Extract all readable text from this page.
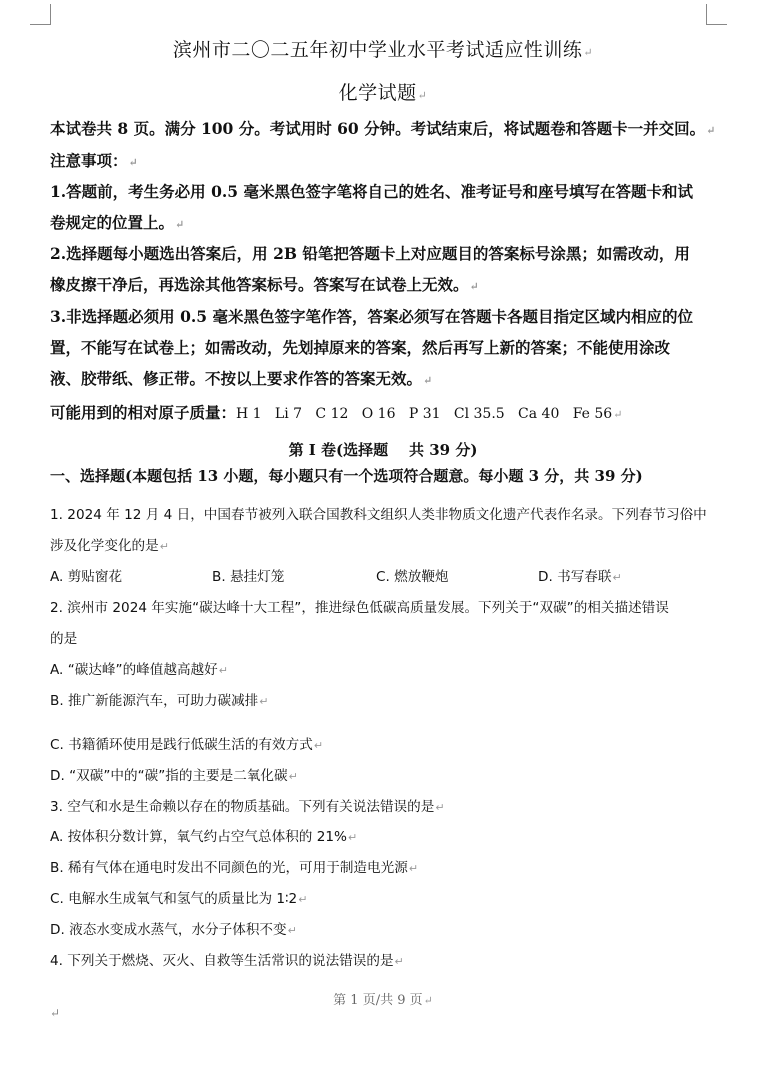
滨州市二〇二五年初中学业水平考试适应性训练↵
化学试题↵
本试卷共 8 页。满分 100 分。考试用时 60 分钟。考试结束后，将试题卷和答题卡一并交回。↵
注意事项：↵
1.答题前，考生务必用 0.5 毫米黑色签字笔将自己的姓名、准考证号和座号填写在答题卡和试
卷规定的位置上。↵
2.选择题每小题选出答案后，用 2B 铅笔把答题卡上对应题目的答案标号涂黑；如需改动，用
橡皮擦干净后，再选涂其他答案标号。答案写在试卷上无效。↵
3.非选择题必须用 0.5 毫米黑色签字笔作答，答案必须写在答题卡各题目指定区域内相应的位
置，不能写在试卷上；如需改动，先划掉原来的答案，然后再写上新的答案；不能使用涂改
液、胶带纸、修正带。不按以上要求作答的答案无效。↵
可能用到的相对原子质量：H 1   Li 7   C 12   O 16   P 31   Cl 35.5   Ca 40   Fe 56↵
第 Ⅰ 卷(选择题    共 39 分)
一、选择题(本题包括 13 小题，每小题只有一个选项符合题意。每小题 3 分，共 39 分)
1. 2024 年 12 月 4 日，中国春节被列入联合国教科文组织人类非物质文化遗产代表作名录。下列春节习俗中
涉及化学变化的是↵
A. 剪贴窗花	B. 悬挂灯笼	C. 燃放鞭炮	D. 书写春联↵
2. 滨州市 2024 年实施“碳达峰十大工程”，推进绿色低碳高质量发展。下列关于“双碳”的相关描述错误
的是
A. “碳达峰”的峰值越高越好↵
B. 推广新能源汽车，可助力碳减排↵
C. 书籍循环使用是践行低碳生活的有效方式↵
D. “双碳”中的“碳”指的主要是二氧化碳↵
3. 空气和水是生命赖以存在的物质基础。下列有关说法错误的是↵
A. 按体积分数计算，氧气约占空气总体积的 21%↵
B. 稀有气体在通电时发出不同颜色的光，可用于制造电光源↵
C. 电解水生成氧气和氢气的质量比为 1∶2↵
D. 液态水变成水蒸气，水分子体积不变↵
4. 下列关于燃烧、灭火、自救等生活常识的说法错误的是↵
第 1 页/共 9 页↵
↵
